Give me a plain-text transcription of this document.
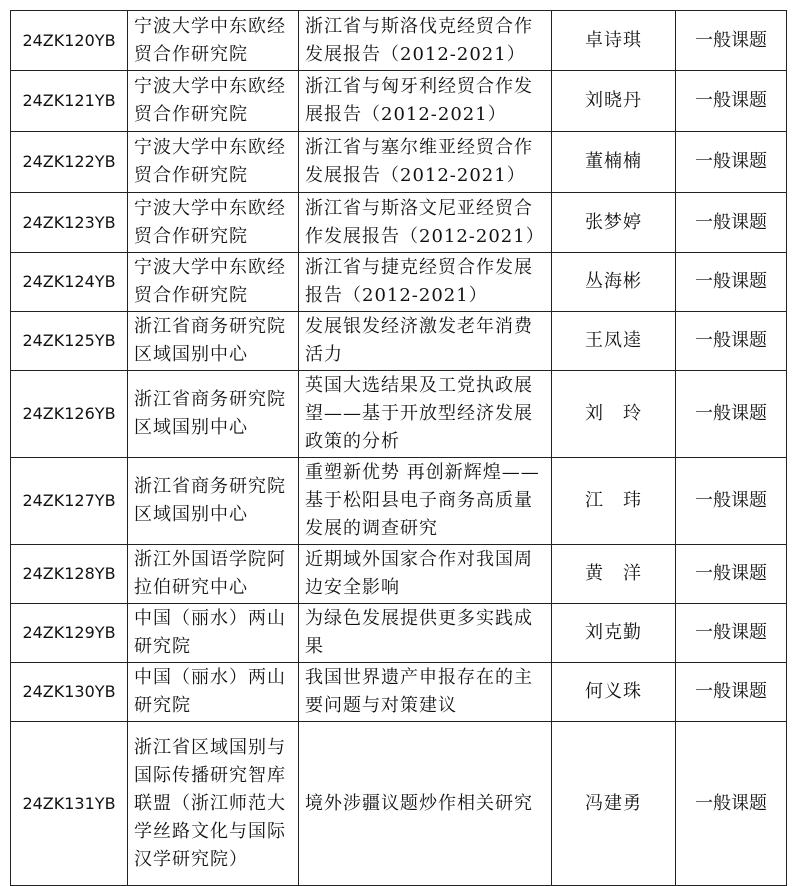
24ZK120YB	宁波大学中东欧经贸合作研究院	浙江省与斯洛伐克经贸合作发展报告（2012-2021）	卓诗琪	一般课题
24ZK121YB	宁波大学中东欧经贸合作研究院	浙江省与匈牙利经贸合作发展报告（2012-2021）	刘晓丹	一般课题
24ZK122YB	宁波大学中东欧经贸合作研究院	浙江省与塞尔维亚经贸合作发展报告（2012-2021）	董楠楠	一般课题
24ZK123YB	宁波大学中东欧经贸合作研究院	浙江省与斯洛文尼亚经贸合作发展报告（2012-2021）	张梦婷	一般课题
24ZK124YB	宁波大学中东欧经贸合作研究院	浙江省与捷克经贸合作发展报告（2012-2021）	丛海彬	一般课题
24ZK125YB	浙江省商务研究院区域国别中心	发展银发经济激发老年消费活力	王凤逵	一般课题
24ZK126YB	浙江省商务研究院区域国别中心	英国大选结果及工党执政展望——基于开放型经济发展政策的分析	刘　玲	一般课题
24ZK127YB	浙江省商务研究院区域国别中心	重塑新优势 再创新辉煌——基于松阳县电子商务高质量发展的调查研究	江　玮	一般课题
24ZK128YB	浙江外国语学院阿拉伯研究中心	近期域外国家合作对我国周边安全影响	黄　洋	一般课题
24ZK129YB	中国（丽水）两山研究院	为绿色发展提供更多实践成果	刘克勤	一般课题
24ZK130YB	中国（丽水）两山研究院	我国世界遗产申报存在的主要问题与对策建议	何义珠	一般课题
24ZK131YB	浙江省区域国别与国际传播研究智库联盟（浙江师范大学丝路文化与国际汉学研究院）	境外涉疆议题炒作相关研究	冯建勇	一般课题
